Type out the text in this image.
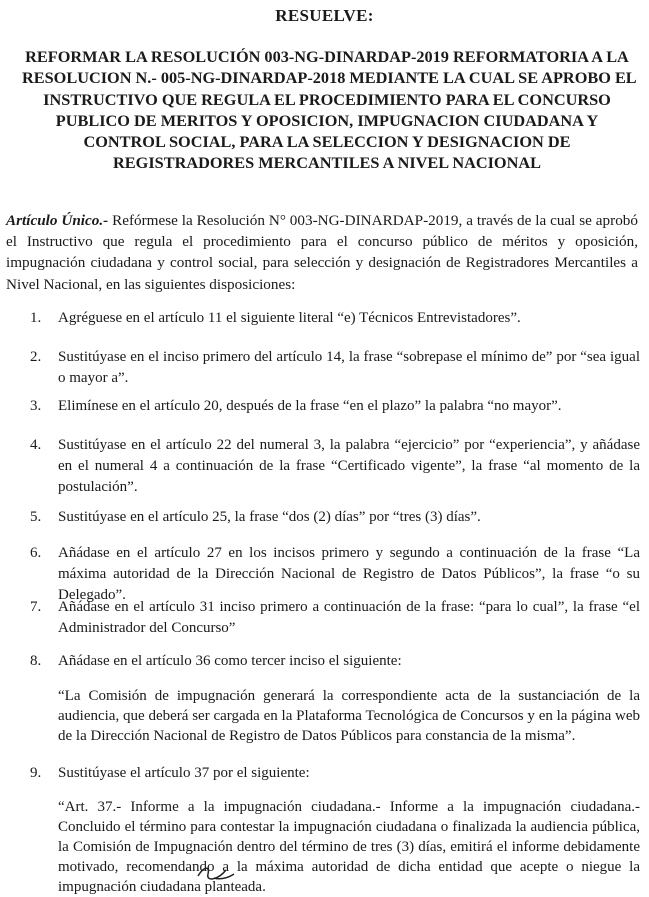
RESUELVE:
REFORMAR LA RESOLUCIÓN 003-NG-DINARDAP-2019 REFORMATORIA A LA
RESOLUCION N.- 005-NG-DINARDAP-2018 MEDIANTE LA CUAL SE APROBO EL
INSTRUCTIVO QUE REGULA EL PROCEDIMIENTO PARA EL CONCURSO
PUBLICO DE MERITOS Y OPOSICION, IMPUGNACION CIUDADANA Y
CONTROL SOCIAL, PARA LA SELECCION Y DESIGNACION DE
REGISTRADORES MERCANTILES A NIVEL NACIONAL
Artículo Único.- Refórmese la Resolución N° 003-NG-DINARDAP-2019, a través de la cual se aprobó el Instructivo que regula el procedimiento para el concurso público de méritos y oposición, impugnación ciudadana y control social, para selección y designación de Registradores Mercantiles a Nivel Nacional, en las siguientes disposiciones:
1.	Agréguese en el artículo 11 el siguiente literal “e) Técnicos Entrevistadores”.
2.	Sustitúyase en el inciso primero del artículo 14, la frase “sobrepase el mínimo de” por “sea igual o mayor a”.
3.	Elimínese en el artículo 20, después de la frase “en el plazo” la palabra “no mayor”.
4.	Sustitúyase en el artículo 22 del numeral 3, la palabra “ejercicio” por “experiencia”, y añádase en el numeral 4 a continuación de la frase “Certificado vigente”, la frase “al momento de la postulación”.
5.	Sustitúyase en el artículo 25, la frase “dos (2) días” por “tres (3) días”.
6.	Añádase en el artículo 27 en los incisos primero y segundo a continuación de la frase “La máxima autoridad de la Dirección Nacional de Registro de Datos Públicos”, la frase “o su Delegado”.
7.	Añádase en el artículo 31 inciso primero a continuación de la frase: “para lo cual”, la frase “el Administrador del Concurso”
8.	Añádase en el artículo 36 como tercer inciso el siguiente:
“La Comisión de impugnación generará la correspondiente acta de la sustanciación de la audiencia, que deberá ser cargada en la Plataforma Tecnológica de Concursos y en la página web de la Dirección Nacional de Registro de Datos Públicos para constancia de la misma”.
9.	Sustitúyase el artículo 37 por el siguiente:
“Art. 37.- Informe a la impugnación ciudadana.- Informe a la impugnación ciudadana.- Concluido el término para contestar la impugnación ciudadana o finalizada la audiencia pública, la Comisión de Impugnación dentro del término de tres (3) días, emitirá el informe debidamente motivado, recomendando a la máxima autoridad de dicha entidad que acepte o niegue la impugnación ciudadana planteada.
